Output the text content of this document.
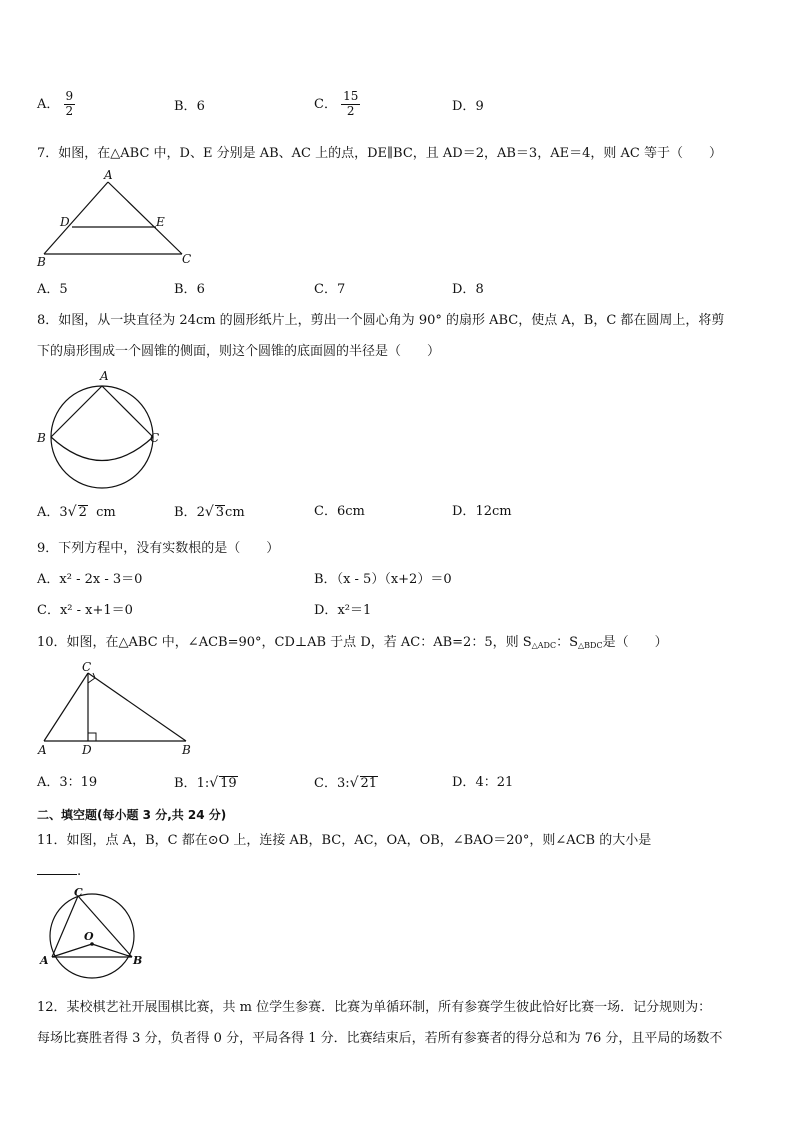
A． $\frac{9}{2}$	B．6	C． $\frac{15}{2}$	D．9
7．如图，在△ABC 中，D、E 分别是 AB、AC 上的点，DE∥BC，且 AD＝2，AB＝3，AE＝4，则 AC 等于（　　）
A
D	E
B	C
A．5	B．6	C．7	D．8
8．如图，从一块直径为 24cm 的圆形纸片上，剪出一个圆心角为 90° 的扇形 ABC，使点 A，B，C 都在圆周上，将剪
下的扇形围成一个圆锥的侧面，则这个圆锥的底面圆的半径是（　　）
A
B	C
A．3√ 2 cm	B．2√ 3cm	C．6cm	D．12cm
9．下列方程中，没有实数根的是（　　）
A．x² - 2x - 3＝0	B．（x - 5）（x+2）＝0
C．x² - x+1＝0	D．x²＝1
10．如图，在△ABC 中，∠ACB=90°，CD⊥AB 于点 D，若 AC：AB=2：5，则 $S_{\triangle ADC}$：$S_{\triangle BDC}$是（　　）
C
A	D	B
A．3：19	B．1:√ 19	C．3:√ 21	D．4：21
二、填空题(每小题 3 分,共 24 分)
11．如图，点 A，B，C 都在⊙O 上，连接 AB，BC，AC，OA，OB，∠BAO＝20°，则∠ACB 的大小是
.
C
O
A	B
12．某校棋艺社开展围棋比赛，共 m 位学生参赛．比赛为单循环制，所有参赛学生彼此恰好比赛一场．记分规则为：
每场比赛胜者得 3 分，负者得 0 分，平局各得 1 分．比赛结束后，若所有参赛者的得分总和为 76 分，且平局的场数不
